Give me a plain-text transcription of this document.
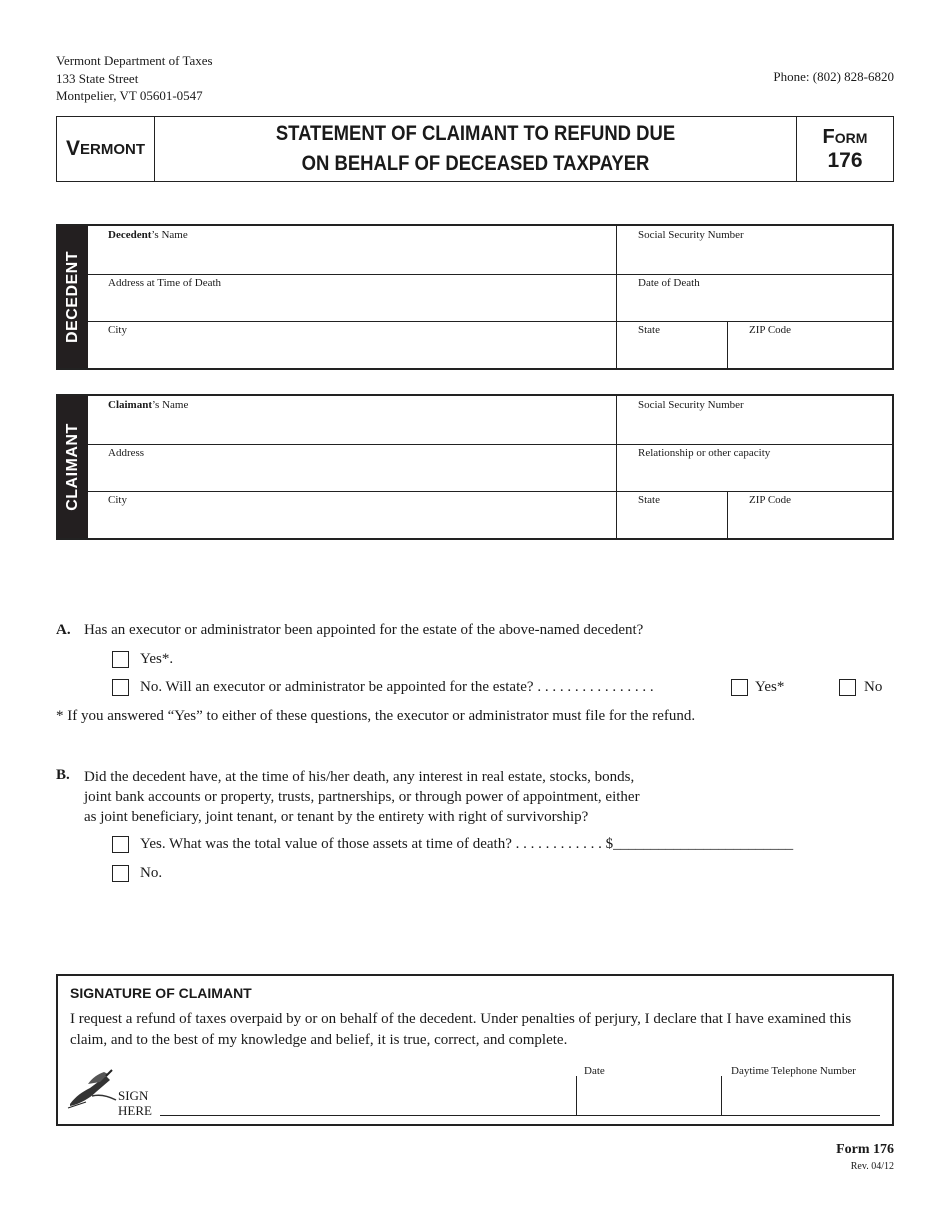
Vermont Department of Taxes
133 State Street
Montpelier, VT 05601-0547
Phone: (802) 828-6820
V ERMONT
STATEMENT OF CLAIMANT TO REFUND DUE
ON BEHALF OF DECEASED TAXPAYER
FORM
176
DECEDENT
Decedent’s Name	Social Security Number
Address at Time of Death	Date of Death
City	State	ZIP Code
CLAIMANT
Claimant’s Name	Social Security Number
Address	Relationship or other capacity
City	State	ZIP Code
A. Has an executor or administrator been appointed for the estate of the above-named decedent?
Yes*.
No. Will an executor or administrator be appointed for the estate? . . . . . . . . . . . . . . . .	Yes*	No
* If you answered “Yes” to either of these questions, the executor or administrator must file for the refund.
B. Did the decedent have, at the time of his/her death, any interest in real estate, stocks, bonds,
joint bank accounts or property, trusts, partnerships, or through power of appointment, either
as joint beneficiary, joint tenant, or tenant by the entirety with right of survivorship?
Yes. What was the total value of those assets at time of death? . . . . . . . . . . . . $________________________
No.
SIGNATURE OF CLAIMANT
I request a refund of taxes overpaid by or on behalf of the decedent. Under penalties of perjury, I declare that I have examined this claim, and to the best of my knowledge and belief, it is true, correct, and complete.
SIGN
HERE
Date	Daytime Telephone Number
Form 176
Rev. 04/12
